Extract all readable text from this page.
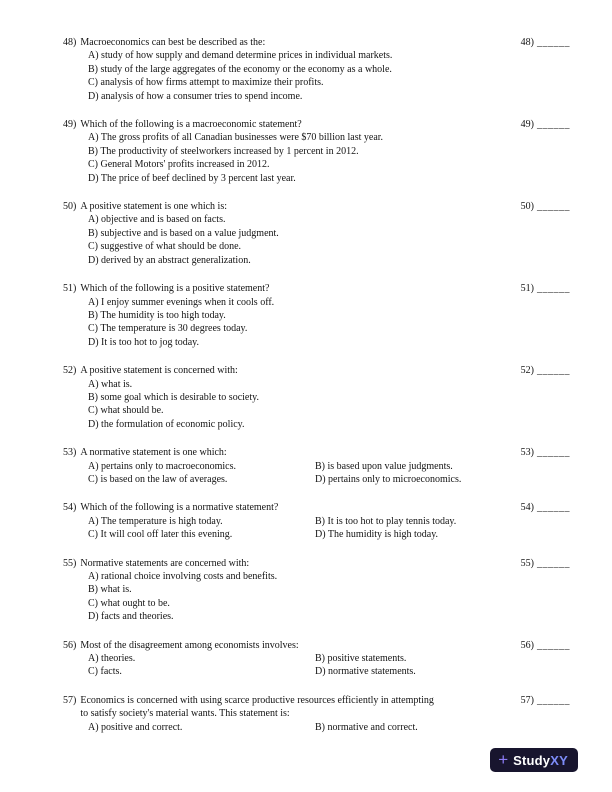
48) Macroeconomics can best be described as the:
A) study of how supply and demand determine prices in individual markets.
B) study of the large aggregates of the economy or the economy as a whole.
C) analysis of how firms attempt to maximize their profits.
D) analysis of how a consumer tries to spend income.
48) ______
49) Which of the following is a macroeconomic statement?
A) The gross profits of all Canadian businesses were $70 billion last year.
B) The productivity of steelworkers increased by 1 percent in 2012.
C) General Motors' profits increased in 2012.
D) The price of beef declined by 3 percent last year.
49) ______
50) A positive statement is one which is:
A) objective and is based on facts.
B) subjective and is based on a value judgment.
C) suggestive of what should be done.
D) derived by an abstract generalization.
50) ______
51) Which of the following is a positive statement?
A) I enjoy summer evenings when it cools off.
B) The humidity is too high today.
C) The temperature is 30 degrees today.
D) It is too hot to jog today.
51) ______
52) A positive statement is concerned with:
A) what is.
B) some goal which is desirable to society.
C) what should be.
D) the formulation of economic policy.
52) ______
53) A normative statement is one which:
A) pertains only to macroeconomics.	B) is based upon value judgments.
C) is based on the law of averages.	D) pertains only to microeconomics.
53) ______
54) Which of the following is a normative statement?
A) The temperature is high today.	B) It is too hot to play tennis today.
C) It will cool off later this evening.	D) The humidity is high today.
54) ______
55) Normative statements are concerned with:
A) rational choice involving costs and benefits.
B) what is.
C) what ought to be.
D) facts and theories.
55) ______
56) Most of the disagreement among economists involves:
A) theories.	B) positive statements.
C) facts.	D) normative statements.
56) ______
57) Economics is concerned with using scarce productive resources efficiently in attempting
to satisfy society's material wants. This statement is:
A) positive and correct.	B) normative and correct.
57) ______
+ StudyXY
